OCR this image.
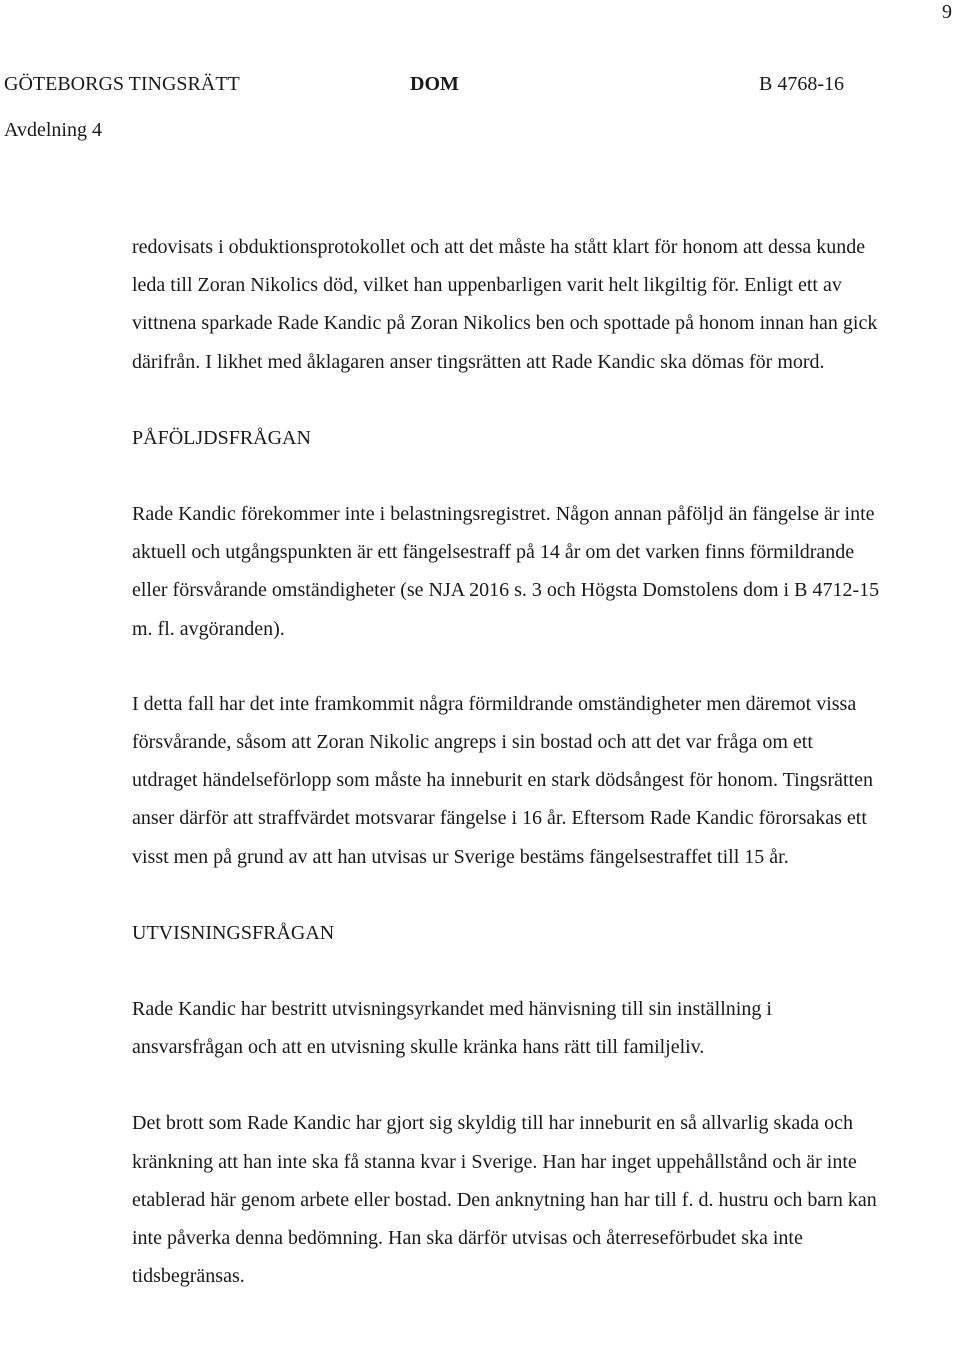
9
GÖTEBORGS TINGSRÄTT	DOM	B 4768-16
Avdelning 4

redovisats i obduktionsprotokollet och att det måste ha stått klart för honom att dessa kunde leda till Zoran Nikolics död, vilket han uppenbarligen varit helt likgiltig för. Enligt ett av vittnena sparkade Rade Kandic på Zoran Nikolics ben och spottade på honom innan han gick därifrån. I likhet med åklagaren anser tingsrätten att Rade Kandic ska dömas för mord.

PÅFÖLJDSFRÅGAN

Rade Kandic förekommer inte i belastningsregistret. Någon annan påföljd än fängelse är inte aktuell och utgångspunkten är ett fängelsestraff på 14 år om det varken finns förmildrande eller försvårande omständigheter (se NJA 2016 s. 3 och Högsta Domstolens dom i B 4712-15 m. fl. avgöranden).

I detta fall har det inte framkommit några förmildrande omständigheter men däremot vissa försvårande, såsom att Zoran Nikolic angreps i sin bostad och att det var fråga om ett utdraget händelseförlopp som måste ha inneburit en stark dödsångest för honom. Tingsrätten anser därför att straffvärdet motsvarar fängelse i 16 år. Eftersom Rade Kandic förorsakas ett visst men på grund av att han utvisas ur Sverige bestäms fängelsestraffet till 15 år.

UTVISNINGSFRÅGAN

Rade Kandic har bestritt utvisningsyrkandet med hänvisning till sin inställning i ansvarsfrågan och att en utvisning skulle kränka hans rätt till familjeliv.

Det brott som Rade Kandic har gjort sig skyldig till har inneburit en så allvarlig skada och kränkning att han inte ska få stanna kvar i Sverige. Han har inget uppehållstånd och är inte etablerad här genom arbete eller bostad. Den anknytning han har till f. d. hustru och barn kan inte påverka denna bedömning. Han ska därför utvisas och återreseförbudet ska inte tidsbegränsas.
